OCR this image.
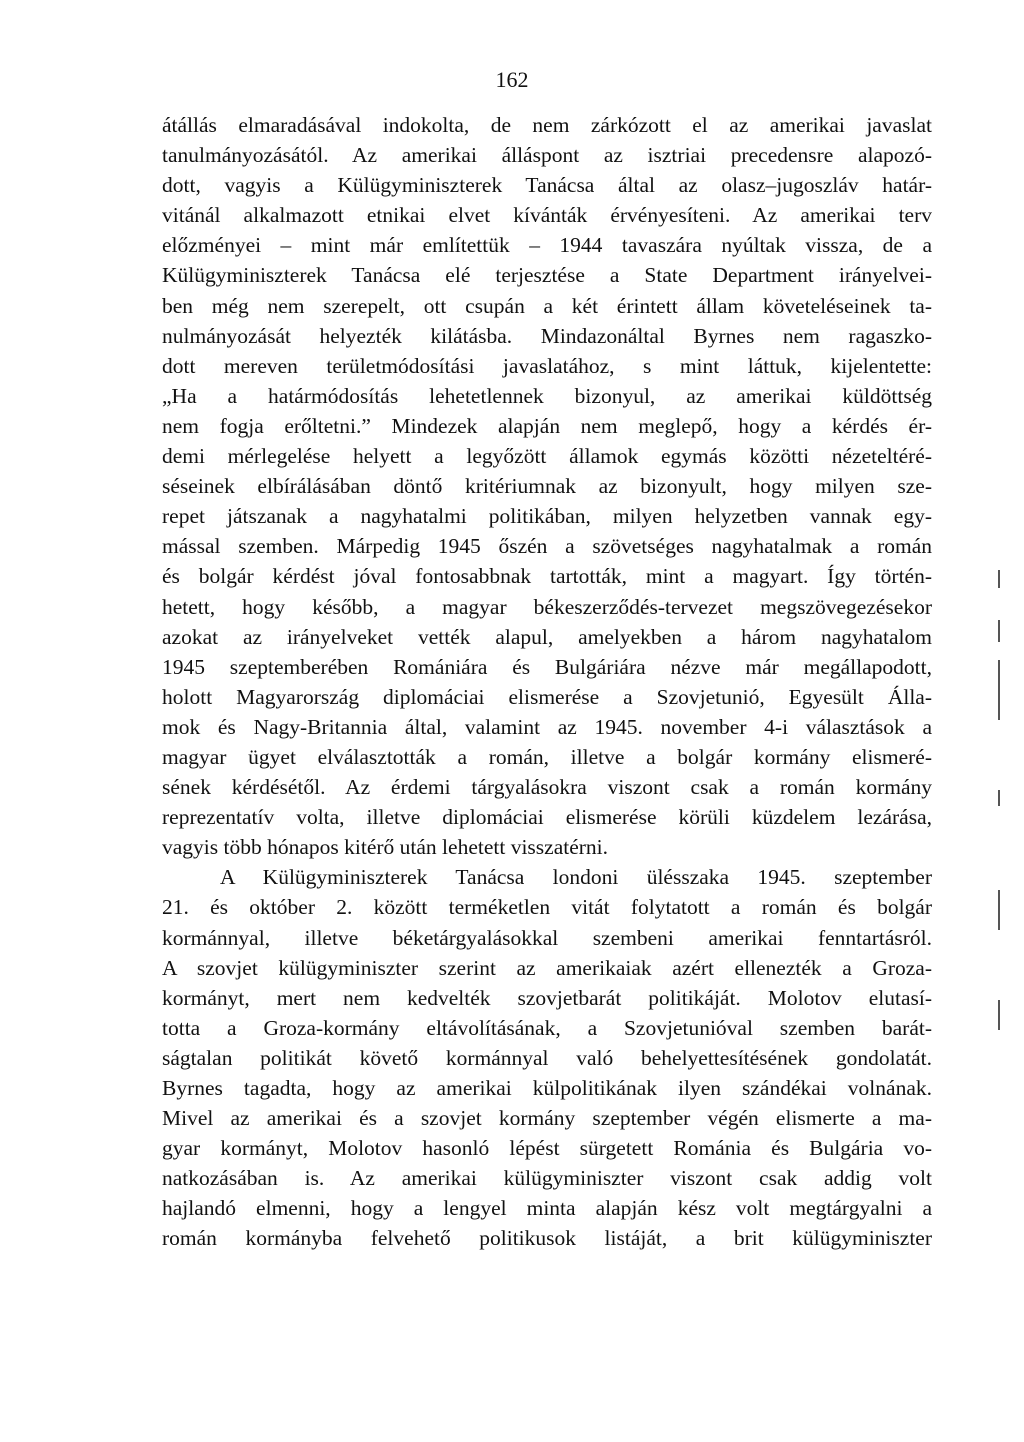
162
átállás elmaradásával indokolta, de nem zárkózott el az amerikai javaslat
tanulmányozásától. Az amerikai álláspont az isztriai precedensre alapozó-
dott, vagyis a Külügyminiszterek Tanácsa által az olasz–jugoszláv határ-
vitánál alkalmazott etnikai elvet kívánták érvényesíteni. Az amerikai terv
előzményei – mint már említettük – 1944 tavaszára nyúltak vissza, de a
Külügyminiszterek Tanácsa elé terjesztése a State Department irányelvei-
ben még nem szerepelt, ott csupán a két érintett állam követeléseinek ta-
nulmányozását helyezték kilátásba. Mindazonáltal Byrnes nem ragaszko-
dott mereven területmódosítási javaslatához, s mint láttuk, kijelentette:
„Ha a határmódosítás lehetetlennek bizonyul, az amerikai küldöttség
nem fogja erőltetni.” Mindezek alapján nem meglepő, hogy a kérdés ér-
demi mérlegelése helyett a legyőzött államok egymás közötti nézeteltéré-
séseinek elbírálásában döntő kritériumnak az bizonyult, hogy milyen sze-
repet játszanak a nagyhatalmi politikában, milyen helyzetben vannak egy-
mással szemben. Márpedig 1945 őszén a szövetséges nagyhatalmak a román
és bolgár kérdést jóval fontosabbnak tartották, mint a magyart. Így történ-
hetett, hogy később, a magyar békeszerződés-tervezet megszövegezésekor
azokat az irányelveket vették alapul, amelyekben a három nagyhatalom
1945 szeptemberében Romániára és Bulgáriára nézve már megállapodott,
holott Magyarország diplomáciai elismerése a Szovjetunió, Egyesült Álla-
mok és Nagy-Britannia által, valamint az 1945. november 4-i választások a
magyar ügyet elválasztották a román, illetve a bolgár kormány elismeré-
sének kérdésétől. Az érdemi tárgyalásokra viszont csak a román kormány
reprezentatív volta, illetve diplomáciai elismerése körüli küzdelem lezárása,
vagyis több hónapos kitérő után lehetett visszatérni.
A Külügyminiszterek Tanácsa londoni ülésszaka 1945. szeptember
21. és október 2. között terméketlen vitát folytatott a román és bolgár
kormánnyal, illetve béketárgyalásokkal szembeni amerikai fenntartásról.
A szovjet külügyminiszter szerint az amerikaiak azért ellenezték a Groza-
kormányt, mert nem kedvelték szovjetbarát politikáját. Molotov elutasí-
totta a Groza-kormány eltávolításának, a Szovjetunióval szemben barát-
ságtalan politikát követő kormánnyal való behelyettesítésének gondolatát.
Byrnes tagadta, hogy az amerikai külpolitikának ilyen szándékai volnának.
Mivel az amerikai és a szovjet kormány szeptember végén elismerte a ma-
gyar kormányt, Molotov hasonló lépést sürgetett Románia és Bulgária vo-
natkozásában is. Az amerikai külügyminiszter viszont csak addig volt
hajlandó elmenni, hogy a lengyel minta alapján kész volt megtárgyalni a
román kormányba felvehető politikusok listáját, a brit külügyminiszter
